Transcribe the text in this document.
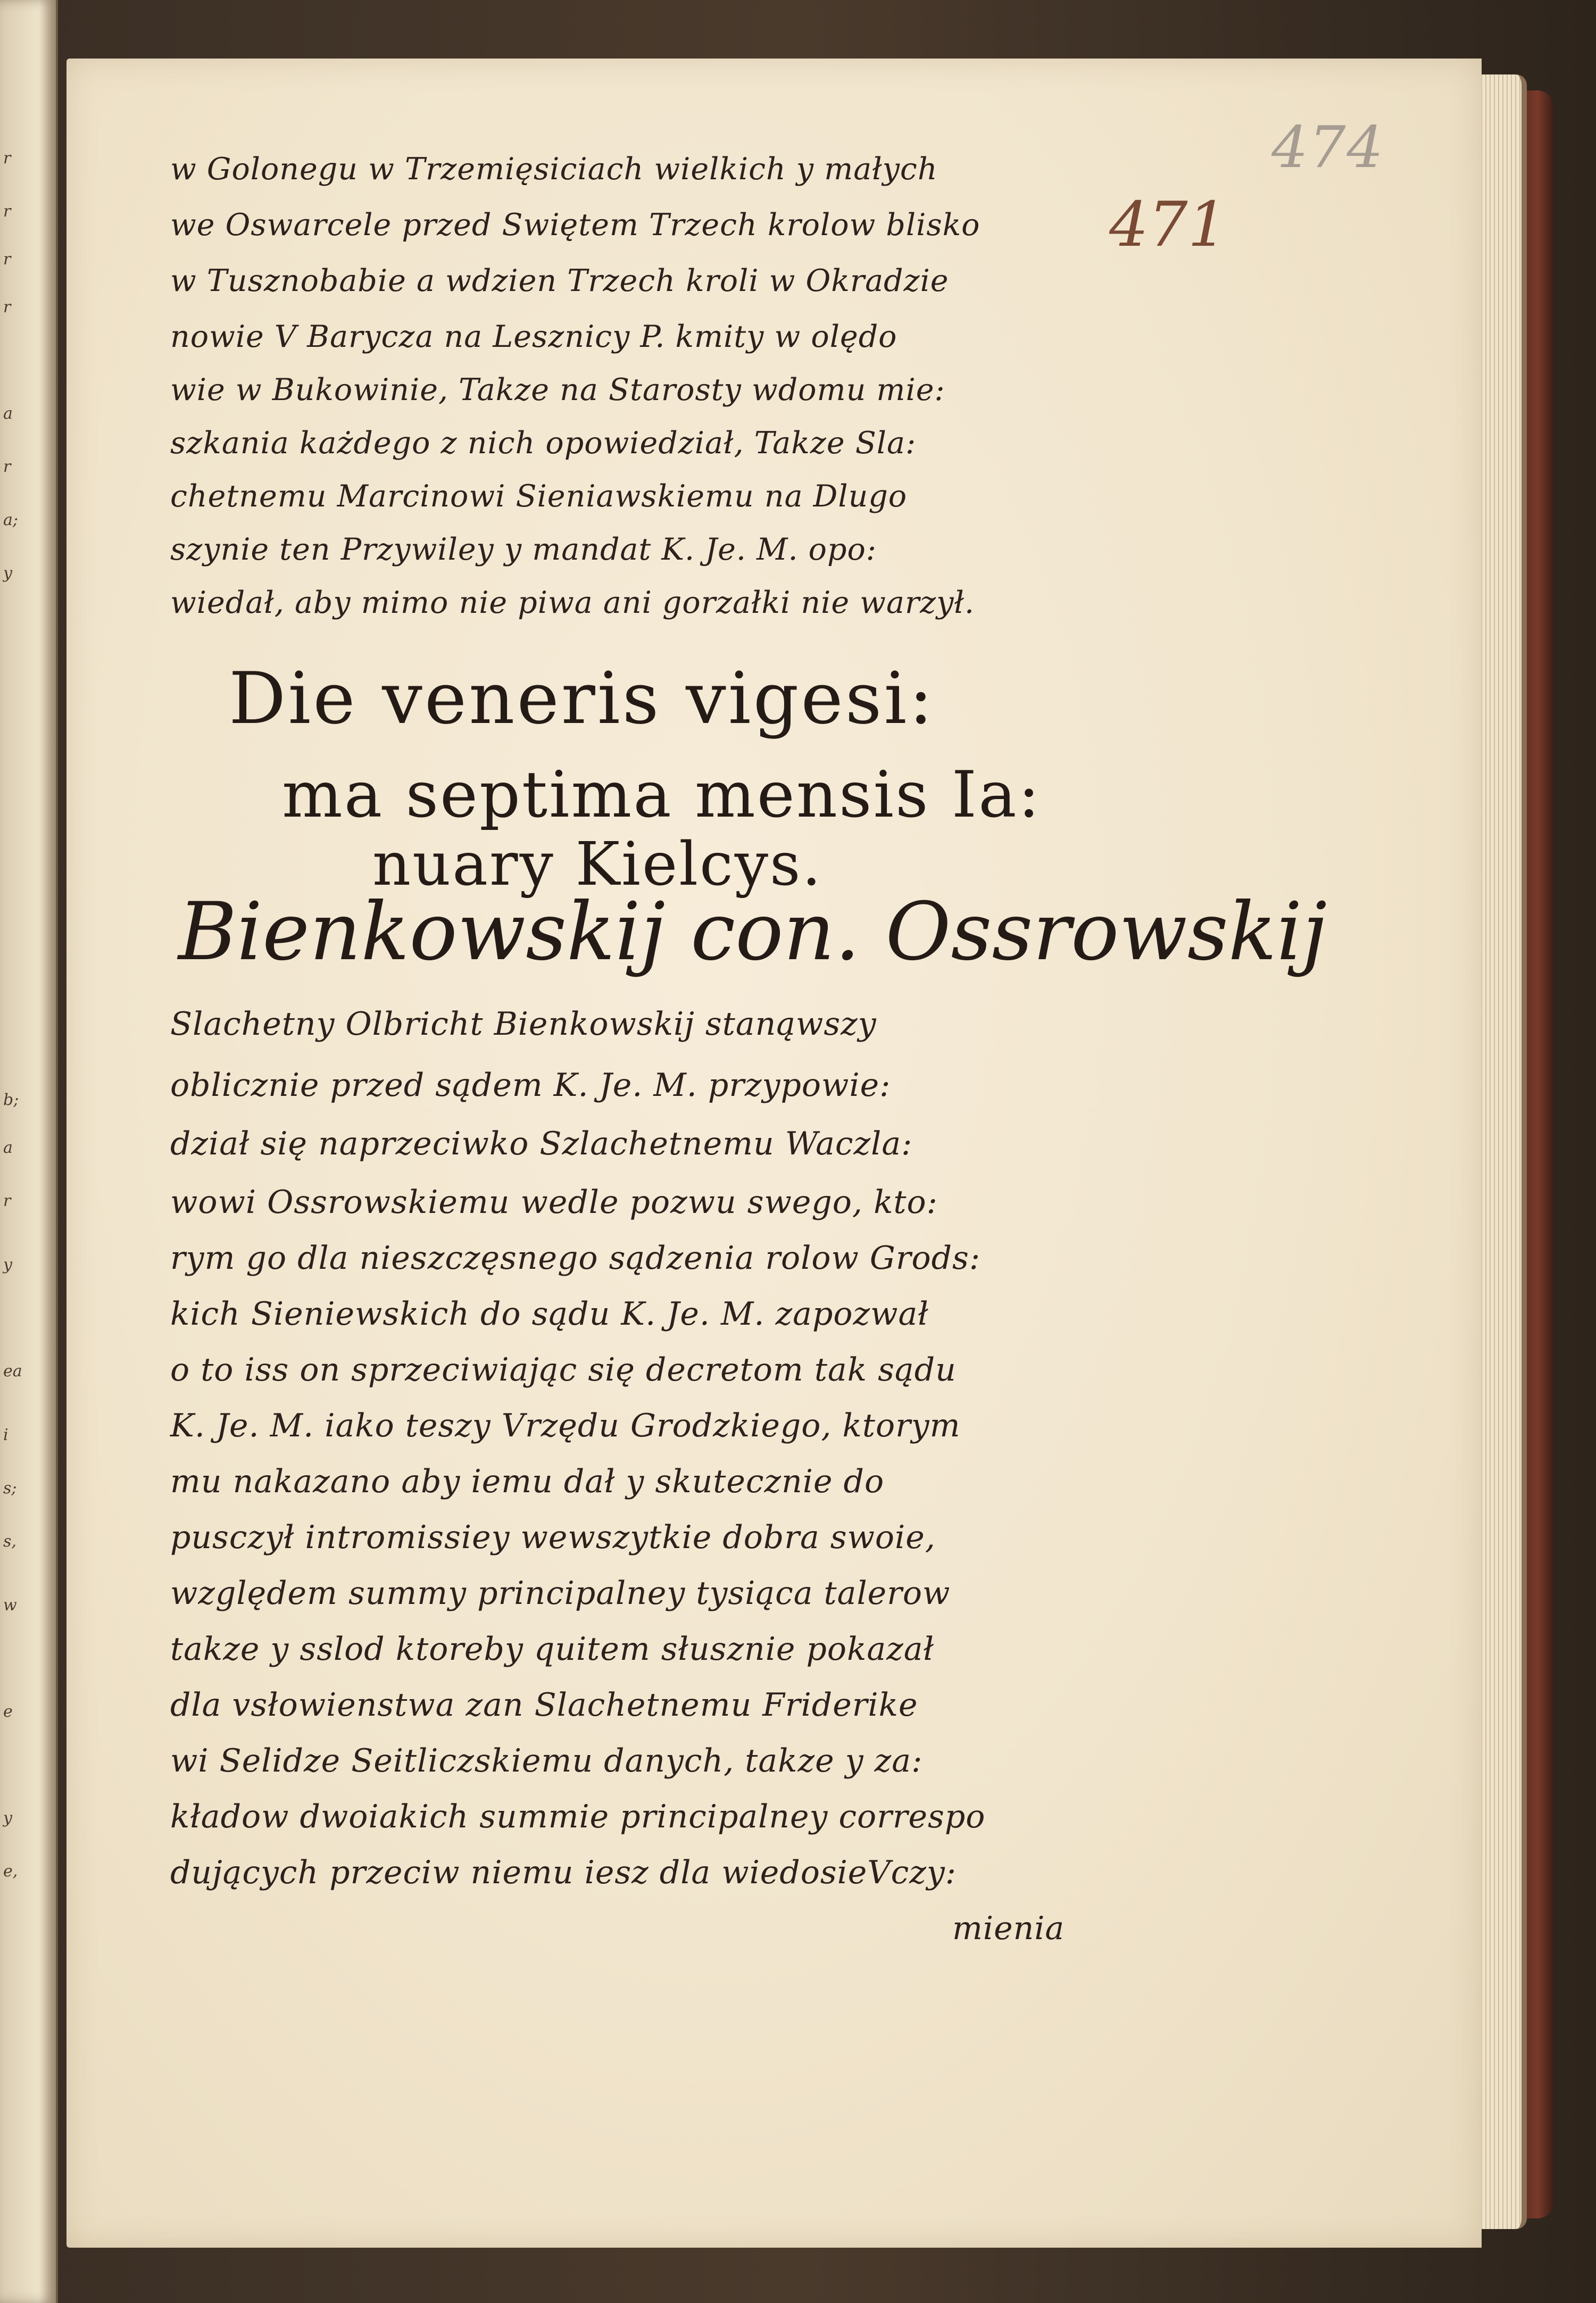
r
r
r
r
a
r
a;
y
b;
a
r
y
ea
i
s;
s,
w
e
y
e,
474
471

w Golonegu w Trzemięsiciach wielkich y małych

we Oswarcele przed Swiętem Trzech krolow blisko

w Tusznobabie a wdzien Trzech kroli w Okradzie

nowie V Barycza na Lesznicy P. kmity w olędo

wie w Bukowinie, Takze na Starosty wdomu mie:

szkania każdego z nich opowiedział, Takze Sla:

chetnemu Marcinowi Sieniawskiemu na Dlugo

szynie ten Przywiley y mandat K. Je. M. opo:

wiedał, aby mimo nie piwa ani gorzałki nie warzył.

Die veneris vigesi:

ma septima mensis Ia:

nuary Kielcys.

Bienkowskij con. Ossrowskij

Slachetny Olbricht Bienkowskij stanąwszy

oblicznie przed sądem K. Je. M. przypowie:

dział się naprzeciwko Szlachetnemu Waczla:

wowi Ossrowskiemu wedle pozwu swego, kto:

rym go dla nieszczęsnego sądzenia rolow Grods:

kich Sieniewskich do sądu K. Je. M. zapozwał

o to iss on sprzeciwiając się decretom tak sądu

K. Je. M. iako teszy Vrzędu Grodzkiego, ktorym

mu nakazano aby iemu dał y skutecznie do

pusczył intromissiey wewszytkie dobra swoie,

względem summy principalney tysiąca talerow

takze y sslod ktoreby quitem słusznie pokazał

dla vsłowienstwa zan Slachetnemu Friderike

wi Selidze Seitliczskiemu danych, takze y za:

kładow dwoiakich summie principalney correspo

dujących przeciw niemu iesz dla wiedosieVczy:

mienia
